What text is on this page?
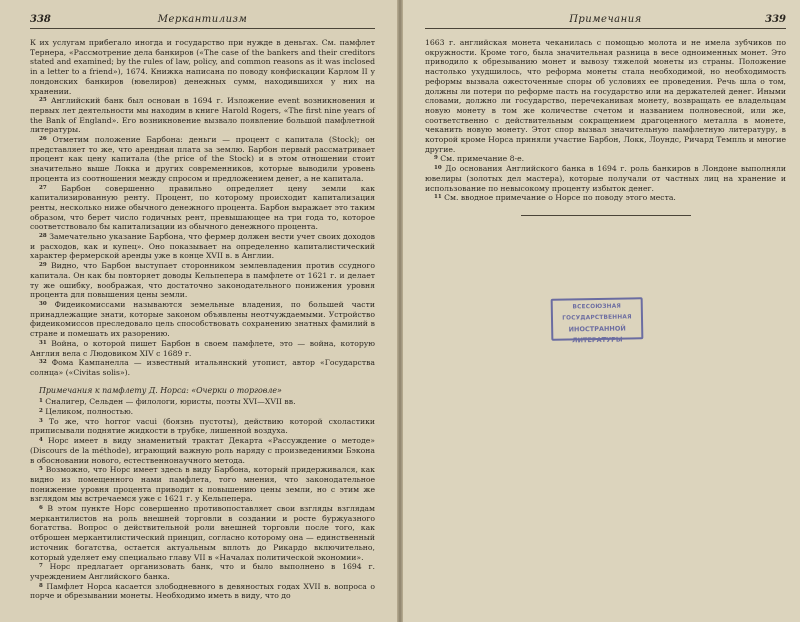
338	Меркантилизм

К их услугам прибегало иногда и государство при нужде в деньгах. См. памфлет Тернера, «Расcмотрение дела банкиров («The case of the bankers and their creditors stated and examined; by the rules of law, policy, and common reasons as it was inclosed in a letter to a friend»), 1674. Книжка написана по поводу конфискации Карлом II у лондонских банкиров (ювелиров) денежных сумм, находившихся у них на хранении.

$^{25}$ Английский банк был основан в 1694 г. Изложение event возникновения и первых лет деятельности мы находим в книге Harold Rogers, «The first nine years of the Bank of England». Его возникновение вызвало появление большой памфлетной литературы.

$^{26}$ Отметим положение Барбона: деньги — процент с капитала (Stock); он представляет то же, что арендная плата за землю. Барбон первый рассматривает процент как цену капитала (the price of the Stock) и в этом отношении стоит значительно выше Локка и других современников, которые выводили уровень процента из соотношения между спросом и предложением денег, а не капитала.

$^{27}$ Барбон совершенно правильно определяет цену земли как капитализированную ренту. Процент, по которому происходит капитализация ренты, несколько ниже обычного денежного процента. Барбон выражает это таким образом, что берет число годичных рент, превышающее на три года то, которое соответствовало бы капитализации из обычного денежного процента.

$^{28}$ Замечательно указание Барбона, что фермер должен вести учет своих доходов и расходов, как и купец». Оно показывает на определенно капиталистический характер фермерской аренды уже в конце XVII в. в Англии.

$^{29}$ Видно, что Барбон выступает сторонником землевладения против ссудного капитала. Он как бы повторяет доводы Кельпепера в памфлете от 1621 г. и делает ту же ошибку, воображая, что достаточно законодательного понижения уровня процента для повышения цены земли.

$^{30}$ Фидеикомиссами называются земельные владения, по большей части принадлежащие знати, которые законом объявлены неотчуждаемыми. Устройство фидеикомиссов преследовало цель способствовать сохранению знатных фамилий в стране и помешать их разорению.

$^{31}$ Война, о которой пишет Барбон в своем памфлете, это — война, которую Англия вела с Людовиком XIV с 1689 г.

$^{32}$ Фома Кампанелла — известный итальянский утопист, автор «Государства солнца» («Civitas solis»).

Примечания к памфлету Д. Норса: «Очерки о торговле»

$^1$ Сналигер, Сельден — филологи, юристы, поэты XVI—XVII вв.

$^2$ Целиком, полностью.

$^3$ То же, что horror vacui (боязнь пустоты), действию которой схоластики приписывали поднятие жидкости в трубке, лишенной воздуха.

$^4$ Норс имеет в виду знаменитый трактат Декарта «Рассуждение о методе» (Discours de la méthode), играющий важную роль наряду с произведениями Бэкона в обосновании нового, естественнонаучного метода.

$^5$ Возможно, что Норс имеет здесь в виду Барбона, который придерживался, как видно из помещенного нами памфлета, того мнения, что законодательное понижение уровня процента приводит к повышению цены земли, но с этим же взглядом мы встречаемся уже с 1621 г. у Кельпепера.

$^6$ В этом пункте Норс совершенно противопоставляет свои взгляды взглядам меркантилистов на роль внешней торговли в создании и росте буржуазного богатства. Вопрос о действительной роли внешней торговли после того, как отброшен меркантилистический принцип, согласно которому она — единственный источник богатства, остается актуальным вплоть до Рикардо включительно, который уделяет ему специально главу VII в «Началах политической экономии».

$^7$ Норс предлагает организовать банк, что и было выполнено в 1694 г. учреждением Английского банка.

$^8$ Памфлет Норса касается злободневного в девяностых годах XVII в. вопроса о порче и обрезывании монеты. Необходимо иметь в виду, что до

Примечания	339

1663 г. английская монета чеканилась с помощью молота и не имела зубчиков по окружности. Кроме того, была значительная разница в весе одноименных монет. Это приводило к обрезыванию монет и вывозу тяжелой монеты из страны. Положение настолько ухудшилось, что реформа монеты стала необходимой, но необходимость реформы вызвала ожесточенные споры об условиях ее проведения. Речь шла о том, должны ли потери по реформе пасть на государство или на держателей денег. Иными словами, должно ли государство, перечеканивая монету, возвращать ее владельцам новую монету в том же количестве счетом и названием полновесной, или же, соответственно с действительным сокращением драгоценного металла в монете, чеканить новую монету. Этот спор вызвал значительную памфлетную литературу, в которой кроме Норса приняли участие Барбон, Локк, Лоундс, Ричард Темпль и многие другие.

$^9$ См. примечание 8-е.

$^{10}$ До основания Английского банка в 1694 г. роль банкиров в Лондоне выполняли ювелиры (золотых дел мастера), которые получали от частных лиц на хранение и использование по невысокому проценту избыток денег.

$^{11}$ См. вводное примечание о Норсе по поводу этого места.

ВСЕСОЮЗНАЯ ГОСУДАРСТВЕННАЯ
ИНОСТРАННОЙ
ЛИТЕРАТУРЫ
